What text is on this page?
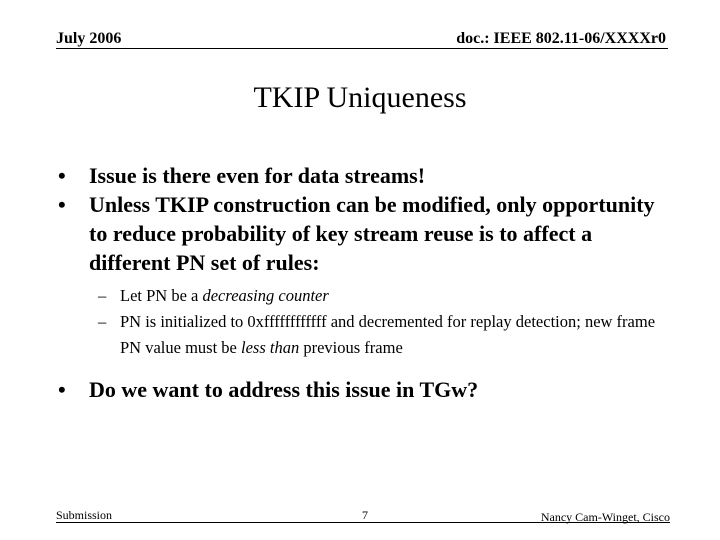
July 2006	doc.: IEEE 802.11-06/XXXXr0
TKIP Uniqueness
• Issue is there even for data streams!
• Unless TKIP construction can be modified, only opportunity to reduce probability of key stream reuse is to affect a different PN set of rules:
– Let PN be a decreasing counter
– PN is initialized to 0xffffffffffff and decremented for replay detection; new frame PN value must be less than previous frame
• Do we want to address this issue in TGw?
Submission	7	Nancy Cam-Winget, Cisco
